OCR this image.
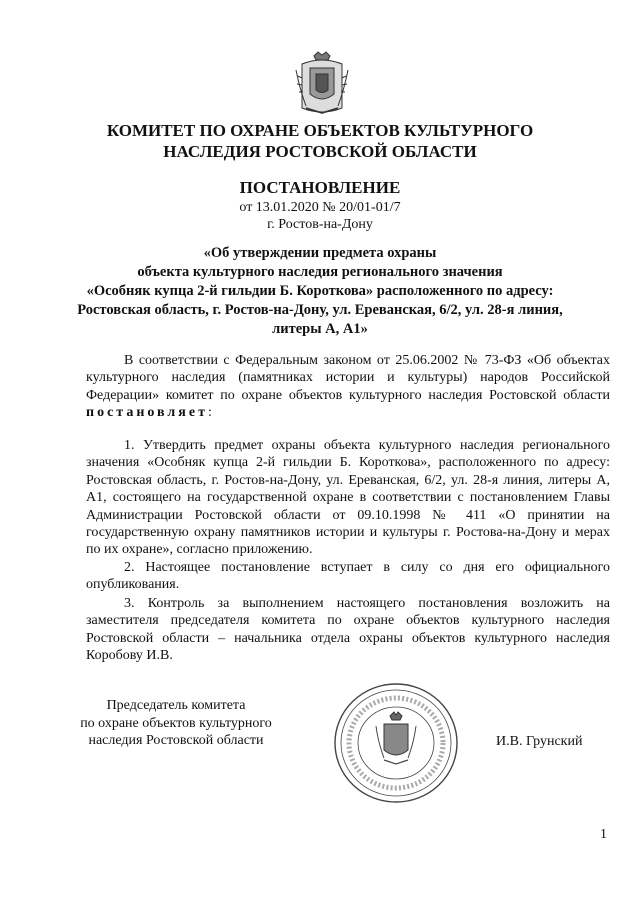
КОМИТЕТ ПО ОХРАНЕ ОБЪЕКТОВ КУЛЬТУРНОГО
НАСЛЕДИЯ РОСТОВСКОЙ ОБЛАСТИ
ПОСТАНОВЛЕНИЕ
от 13.01.2020 № 20/01-01/7
г. Ростов-на-Дону
«Об утверждении предмета охраны
объекта культурного наследия регионального значения
«Особняк купца 2-й гильдии Б. Короткова» расположенного по адресу:
Ростовская область, г. Ростов-на-Дону, ул. Ереванская, 6/2, ул. 28-я линия,
литеры А, А1»
В соответствии с Федеральным законом от 25.06.2002 № 73-ФЗ «Об объектах культурного наследия (памятниках истории и культуры) народов Российской Федерации» комитет по охране объектов культурного наследия Ростовской области постановляет:
1. Утвердить предмет охраны объекта культурного наследия регионального значения «Особняк купца 2-й гильдии Б. Короткова», расположенного по адресу: Ростовская область, г. Ростов-на-Дону, ул. Ереванская, 6/2, ул. 28-я линия, литеры А, А1, состоящего на государственной охране в соответствии с постановлением Главы Администрации Ростовской области от 09.10.1998 № 411 «О принятии на государственную охрану памятников истории и культуры г. Ростова-на-Дону и мерах по их охране», согласно приложению.
2. Настоящее постановление вступает в силу со дня его официального опубликования.
3. Контроль за выполнением настоящего постановления возложить на заместителя председателя комитета по охране объектов культурного наследия Ростовской области – начальника отдела охраны объектов культурного наследия Коробову И.В.
Председатель комитета
по охране объектов культурного
наследия Ростовской области	И.В. Грунский
1
